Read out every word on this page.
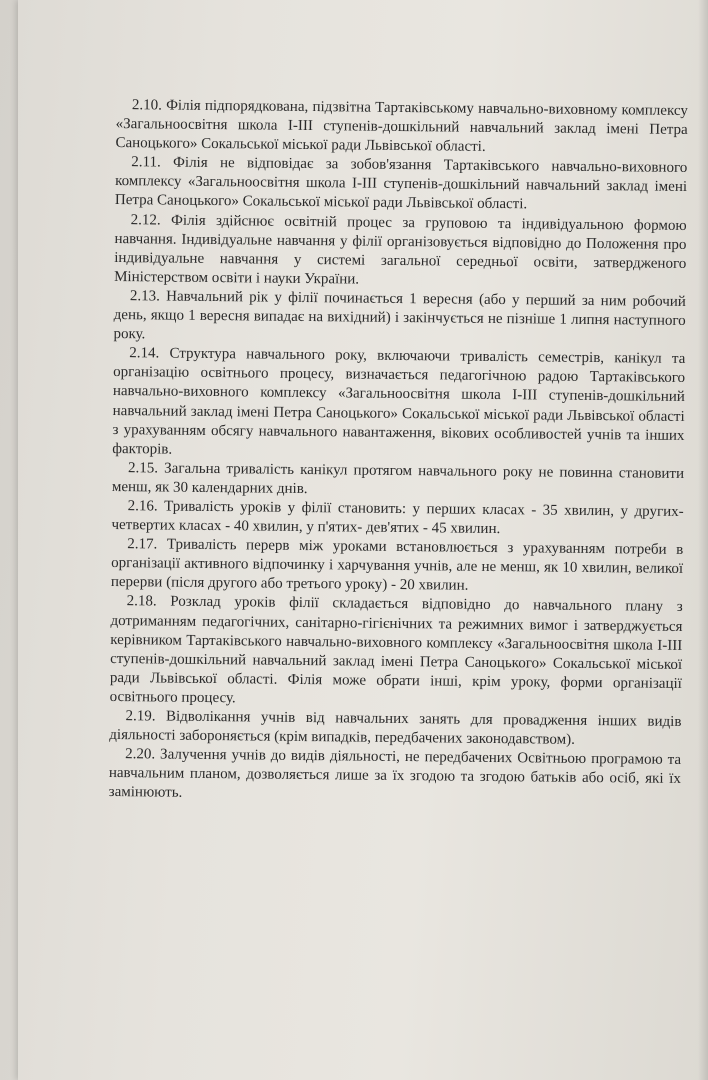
2.10. Філія підпорядкована, підзвітна Тартаківському навчально-виховному комплексу «Загальноосвітня школа І-ІІІ ступенів-дошкільний навчальний заклад імені Петра Саноцького» Сокальської міської ради Львівської області.

2.11. Філія не відповідає за зобов'язання Тартаківського навчально-виховного комплексу «Загальноосвітня школа І-ІІІ ступенів-дошкільний навчальний заклад імені Петра Саноцького» Сокальської міської ради Львівської області.

2.12. Філія здійснює освітній процес за груповою та індивідуальною формою навчання. Індивідуальне навчання у філії організовується відповідно до Положення про індивідуальне навчання у системі загальної середньої освіти, затвердженого Міністерством освіти і науки України.

2.13. Навчальний рік у філії починається 1 вересня (або у перший за ним робочий день, якщо 1 вересня випадає на вихідний) і закінчується не пізніше 1 липня наступного року.

2.14. Структура навчального року, включаючи тривалість семестрів, канікул та організацію освітнього процесу, визначається педагогічною радою Тартаківського навчально-виховного комплексу «Загальноосвітня школа І-ІІІ ступенів-дошкільний навчальний заклад імені Петра Саноцького» Сокальської міської ради Львівської області з урахуванням обсягу навчального навантаження, вікових особливостей учнів та інших факторів.

2.15. Загальна тривалість канікул протягом навчального року не повинна становити менш, як 30 календарних днів.

2.16. Тривалість уроків у філії становить: у перших класах - 35 хвилин, у других-четвертих класах - 40 хвилин, у п'ятих- дев'ятих - 45 хвилин.

2.17. Тривалість перерв між уроками встановлюється з урахуванням потреби в організації активного відпочинку і харчування учнів, але не менш, як 10 хвилин, великої перерви (після другого або третього уроку) - 20 хвилин.

2.18. Розклад уроків філії складається відповідно до навчального плану з дотриманням педагогічних, санітарно-гігієнічних та режимних вимог і затверджується керівником Тартаківського навчально-виховного комплексу «Загальноосвітня школа І-ІІІ ступенів-дошкільний навчальний заклад імені Петра Саноцького» Сокальської міської ради Львівської області. Філія може обрати інші, крім уроку, форми організації освітнього процесу.

2.19. Відволікання учнів від навчальних занять для провадження інших видів діяльності забороняється (крім випадків, передбачених законодавством).

2.20. Залучення учнів до видів діяльності, не передбачених Освітньою програмою та навчальним планом, дозволяється лише за їх згодою та згодою батьків або осіб, які їх замінюють.
